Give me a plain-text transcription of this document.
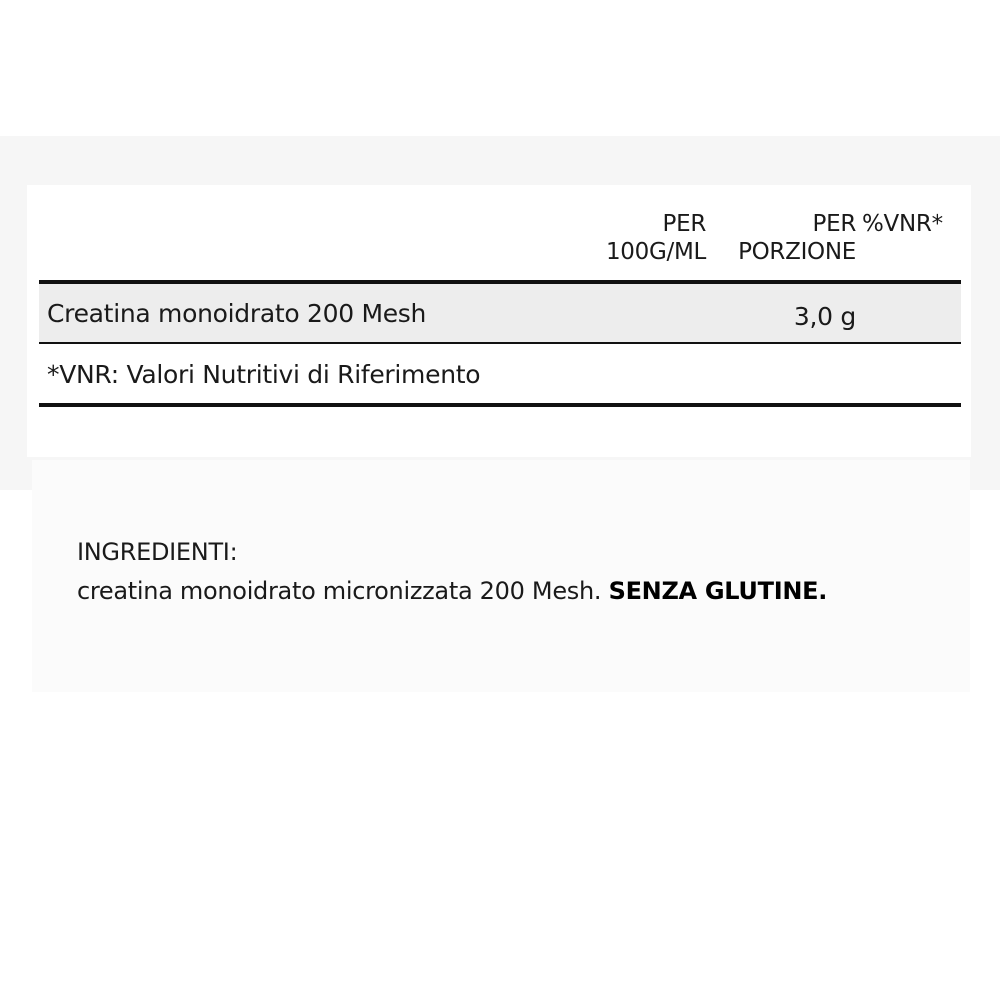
PER
100G/ML
PER
PORZIONE
%VNR*
Creatina monoidrato 200 Mesh	3,0 g
*VNR: Valori Nutritivi di Riferimento
INGREDIENTI:
creatina monoidrato micronizzata 200 Mesh. SENZA GLUTINE.
